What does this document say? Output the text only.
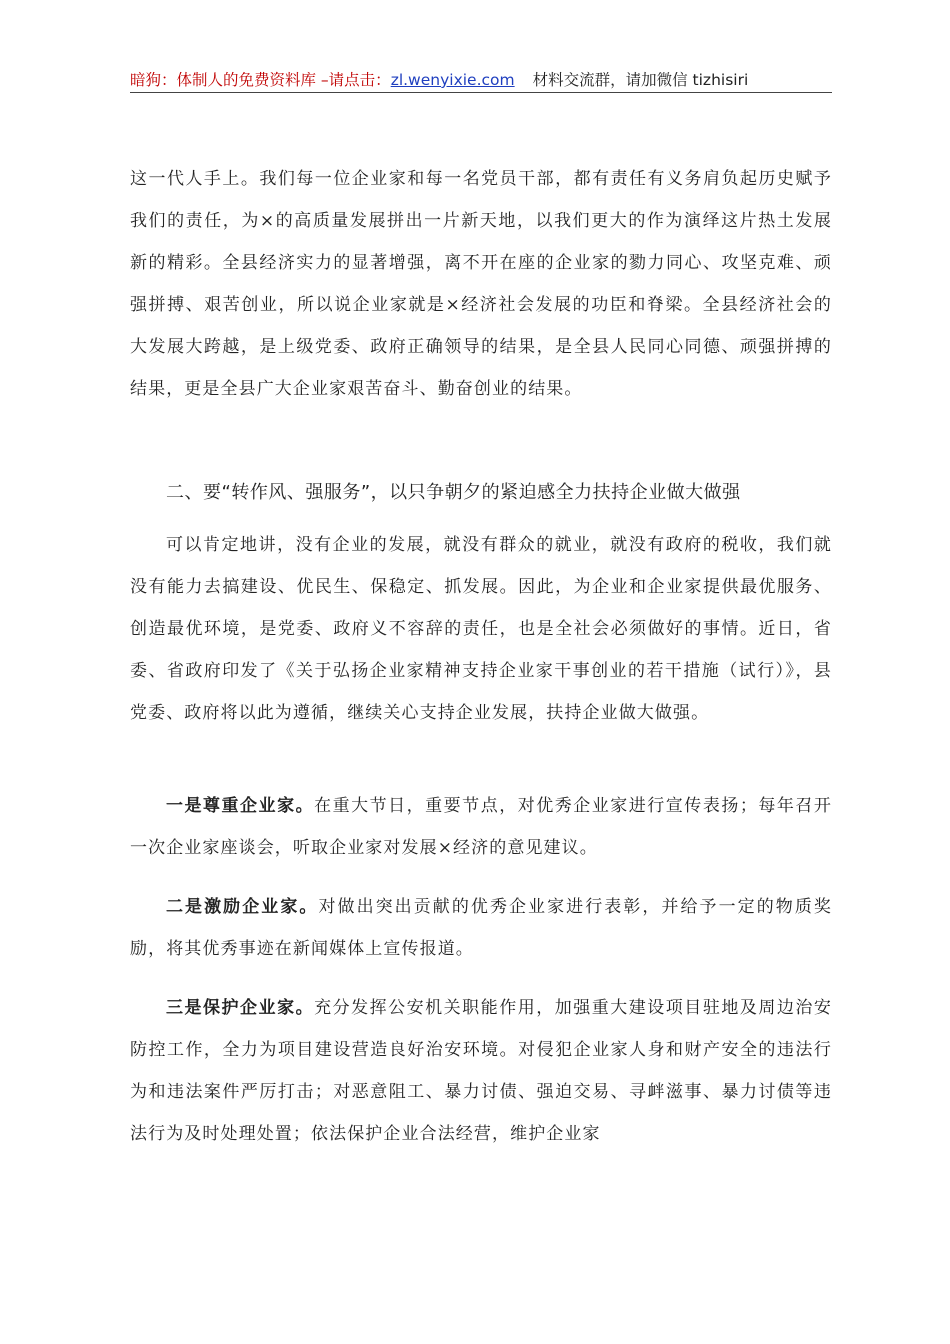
暗狗：体制人的免费资料库 –请点击：zl.wenyixie.com 材料交流群，请加微信 tizhisiri

这一代人手上。我们每一位企业家和每一名党员干部，都有责任有义务肩负起历史赋予我们的责任，为×的高质量发展拼出一片新天地，以我们更大的作为演绎这片热土发展新的精彩。全县经济实力的显著增强，离不开在座的企业家的勠力同心、攻坚克难、顽强拼搏、艰苦创业，所以说企业家就是×经济社会发展的功臣和脊梁。全县经济社会的大发展大跨越，是上级党委、政府正确领导的结果，是全县人民同心同德、顽强拼搏的结果，更是全县广大企业家艰苦奋斗、勤奋创业的结果。

二、要“转作风、强服务”，以只争朝夕的紧迫感全力扶持企业做大做强

可以肯定地讲，没有企业的发展，就没有群众的就业，就没有政府的税收，我们就没有能力去搞建设、优民生、保稳定、抓发展。因此，为企业和企业家提供最优服务、创造最优环境，是党委、政府义不容辞的责任，也是全社会必须做好的事情。近日，省委、省政府印发了《关于弘扬企业家精神支持企业家干事创业的若干措施（试行）》，县党委、政府将以此为遵循，继续关心支持企业发展，扶持企业做大做强。

一是尊重企业家。在重大节日，重要节点，对优秀企业家进行宣传表扬；每年召开一次企业家座谈会，听取企业家对发展×经济的意见建议。

二是激励企业家。对做出突出贡献的优秀企业家进行表彰，并给予一定的物质奖励，将其优秀事迹在新闻媒体上宣传报道。

三是保护企业家。充分发挥公安机关职能作用，加强重大建设项目驻地及周边治安防控工作，全力为项目建设营造良好治安环境。对侵犯企业家人身和财产安全的违法行为和违法案件严厉打击；对恶意阻工、暴力讨债、强迫交易、寻衅滋事、暴力讨债等违法行为及时处理处置；依法保护企业合法经营，维护企业家
